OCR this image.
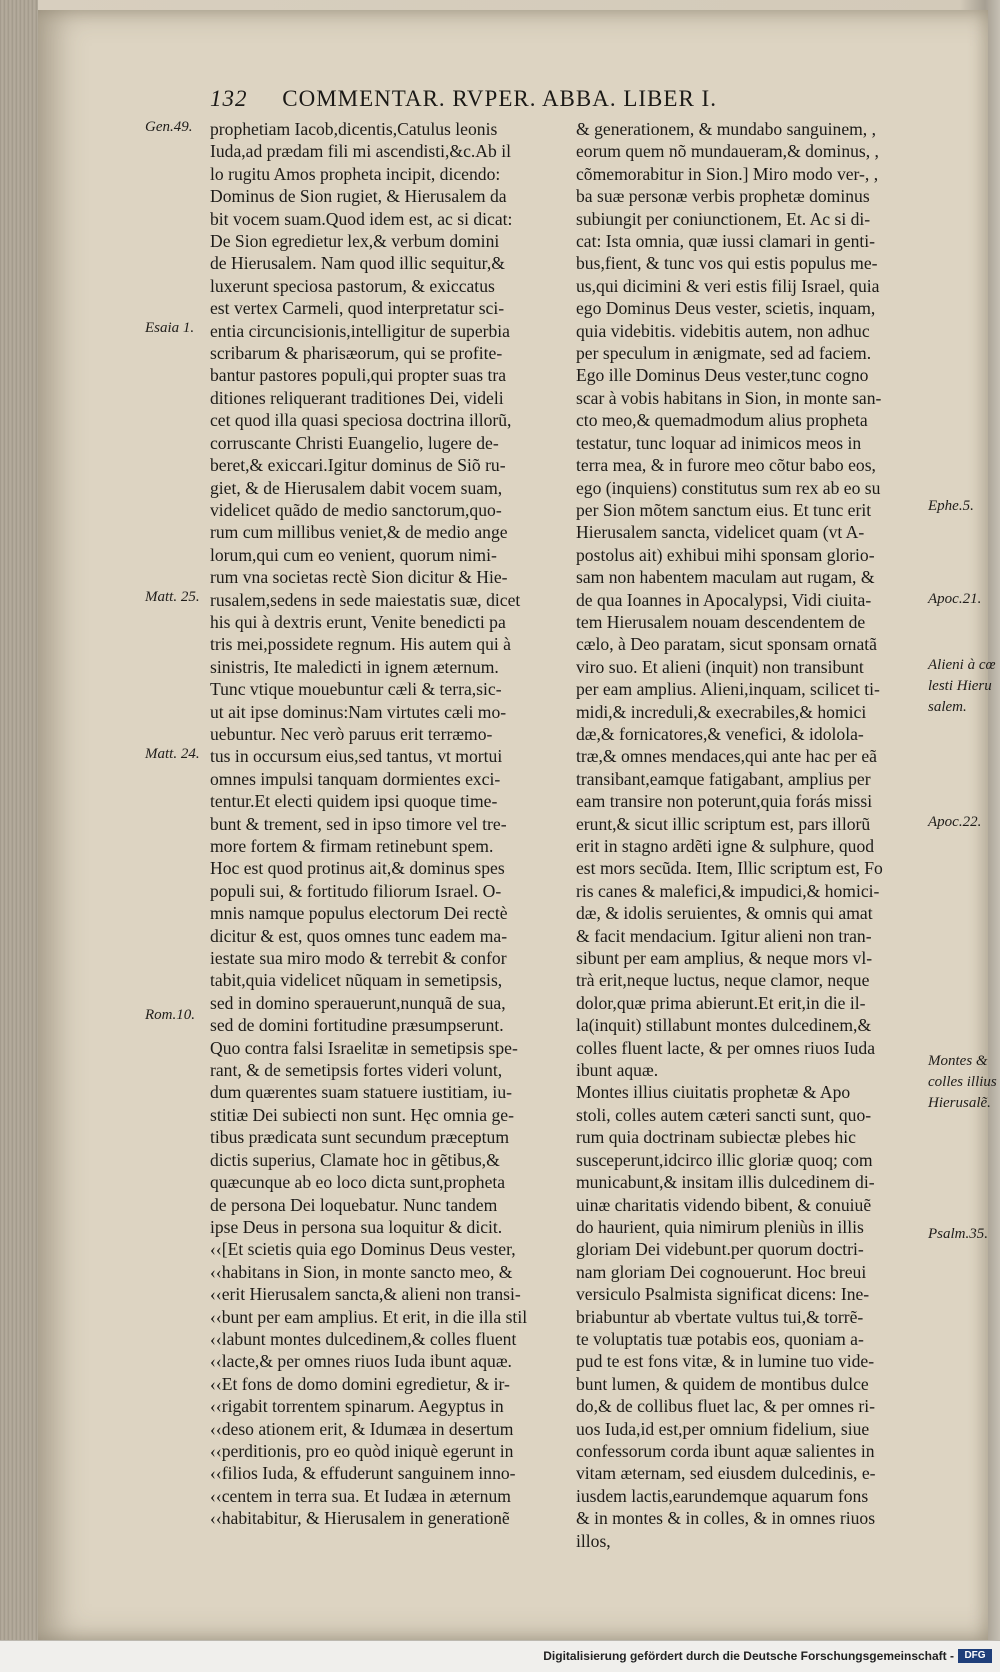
132 COMMENTAR. RVPER. ABBA. LIBER I.
Gen.49.
Esaia 1.
Matt. 25.
Matt. 24.
Rom.10.
Ephe.5.
Apoc.21.
Alieni à cœ
lesti Hieru
salem.
Apoc.22.
Montes &
colles illius
Hierusalẽ.
Psalm.35.

prophetiam Iacob,dicentis,Catulus leonis

Iuda,ad prædam fili mi ascendisti,&c.Ab il

lo rugitu Amos propheta incipit, dicendo:

Dominus de Sion rugiet, & Hierusalem da

bit vocem suam.Quod idem est, ac si dicat:

De Sion egredietur lex,& verbum domini

de Hierusalem. Nam quod illic sequitur,&

luxerunt speciosa pastorum, & exiccatus

est vertex Carmeli, quod interpretatur sci-

entia circuncisionis,intelligitur de superbia

scribarum & pharisæorum, qui se profite-

bantur pastores populi,qui propter suas tra

ditiones reliquerant traditiones Dei, videli

cet quod illa quasi speciosa doctrina illorũ,

corruscante Christi Euangelio, lugere de-

beret,& exiccari.Igitur dominus de Siõ ru-

giet, & de Hierusalem dabit vocem suam,

videlicet quãdo de medio sanctorum,quo-

rum cum millibus veniet,& de medio ange

lorum,qui cum eo venient, quorum nimi-

rum vna societas rectè Sion dicitur & Hie-

rusalem,sedens in sede maiestatis suæ, dicet

his qui à dextris erunt, Venite benedicti pa

tris mei,possidete regnum. His autem qui à

sinistris, Ite maledicti in ignem æternum.

Tunc vtique mouebuntur cæli & terra,sic-

ut ait ipse dominus:Nam virtutes cæli mo-

uebuntur. Nec verò paruus erit terræmo-

tus in occursum eius,sed tantus, vt mortui

omnes impulsi tanquam dormientes exci-

tentur.Et electi quidem ipsi quoque time-

bunt & trement, sed in ipso timore vel tre-

more fortem & firmam retinebunt spem.

Hoc est quod protinus ait,& dominus spes

populi sui, & fortitudo filiorum Israel. O-

mnis namque populus electorum Dei rectè

dicitur & est, quos omnes tunc eadem ma-

iestate sua miro modo & terrebit & confor

tabit,quia videlicet nũquam in semetipsis,

sed in domino sperauerunt,nunquã de sua,

sed de domini fortitudine præsumpserunt.

Quo contra falsi Israelitæ in semetipsis spe-

rant, & de semetipsis fortes videri volunt,

dum quærentes suam statuere iustitiam, iu-

stitiæ Dei subiecti non sunt. Hęc omnia ge-

tibus prædicata sunt secundum præceptum

dictis superius, Clamate hoc in gẽtibus,&

quæcunque ab eo loco dicta sunt,propheta

de persona Dei loquebatur. Nunc tandem

ipse Deus in persona sua loquitur & dicit.

‹‹[Et scietis quia ego Dominus Deus vester,

‹‹habitans in Sion, in monte sancto meo, &

‹‹erit Hierusalem sancta,& alieni non transi-

‹‹bunt per eam amplius. Et erit, in die illa stil

‹‹labunt montes dulcedinem,& colles fluent

‹‹lacte,& per omnes riuos Iuda ibunt aquæ.

‹‹Et fons de domo domini egredietur, & ir-

‹‹rigabit torrentem spinarum. Aegyptus in

‹‹deso ationem erit, & Idumæa in desertum

‹‹perditionis, pro eo quòd iniquè egerunt in

‹‹filios Iuda, & effuderunt sanguinem inno-

‹‹centem in terra sua. Et Iudæa in æternum

‹‹habitabitur, & Hierusalem in generationẽ

& generationem, & mundabo sanguinem, ,

eorum quem nõ mundaueram,& dominus, ,

cõmemorabitur in Sion.] Miro modo ver-, ,

ba suæ personæ verbis prophetæ dominus

subiungit per coniunctionem, Et. Ac si di-

cat: Ista omnia, quæ iussi clamari in genti-

bus,fient, & tunc vos qui estis populus me-

us,qui dicimini & veri estis filij Israel, quia

ego Dominus Deus vester, scietis, inquam,

quia videbitis. videbitis autem, non adhuc

per speculum in ænigmate, sed ad faciem.

Ego ille Dominus Deus vester,tunc cogno

scar à vobis habitans in Sion, in monte san-

cto meo,& quemadmodum alius propheta

testatur, tunc loquar ad inimicos meos in

terra mea, & in furore meo cõtur babo eos,

ego (inquiens) constitutus sum rex ab eo su

per Sion mõtem sanctum eius. Et tunc erit

Hierusalem sancta, videlicet quam (vt A-

postolus ait) exhibui mihi sponsam glorio-

sam non habentem maculam aut rugam, &

de qua Ioannes in Apocalypsi, Vidi ciuita-

tem Hierusalem nouam descendentem de

cælo, à Deo paratam, sicut sponsam ornatã

viro suo. Et alieni (inquit) non transibunt

per eam amplius. Alieni,inquam, scilicet ti-

midi,& increduli,& execrabiles,& homici

dæ,& fornicatores,& venefici, & idolola-

træ,& omnes mendaces,qui ante hac per eã

transibant,eamque fatigabant, amplius per

eam transire non poterunt,quia forás missi

erunt,& sicut illic scriptum est, pars illorũ

erit in stagno ardẽti igne & sulphure, quod

est mors secũda. Item, Illic scriptum est, Fo

ris canes & malefici,& impudici,& homici-

dæ, & idolis seruientes, & omnis qui amat

& facit mendacium. Igitur alieni non tran-

sibunt per eam amplius, & neque mors vl-

trà erit,neque luctus, neque clamor, neque

dolor,quæ prima abierunt.Et erit,in die il-

la(inquit) stillabunt montes dulcedinem,&

colles fluent lacte, & per omnes riuos Iuda

ibunt aquæ.

Montes illius ciuitatis prophetæ & Apo

stoli, colles autem cæteri sancti sunt, quo-

rum quia doctrinam subiectæ plebes hic

susceperunt,idcirco illic gloriæ quoq; com

municabunt,& insitam illis dulcedinem di-

uinæ charitatis videndo bibent, & conuiuẽ

do haurient, quia nimirum pleniùs in illis

gloriam Dei videbunt.per quorum doctri-

nam gloriam Dei cognouerunt. Hoc breui

versiculo Psalmista significat dicens: Ine-

briabuntur ab vbertate vultus tui,& torrẽ-

te voluptatis tuæ potabis eos, quoniam a-

pud te est fons vitæ, & in lumine tuo vide-

bunt lumen, & quidem de montibus dulce

do,& de collibus fluet lac, & per omnes ri-

uos Iuda,id est,per omnium fidelium, siue

confessorum corda ibunt aquæ salientes in

vitam æternam, sed eiusdem dulcedinis, e-

iusdem lactis,earundemque aquarum fons

& in montes & in colles, & in omnes riuos

illos,

Digitalisierung gefördert durch die Deutsche Forschungsgemeinschaft -	DFG
